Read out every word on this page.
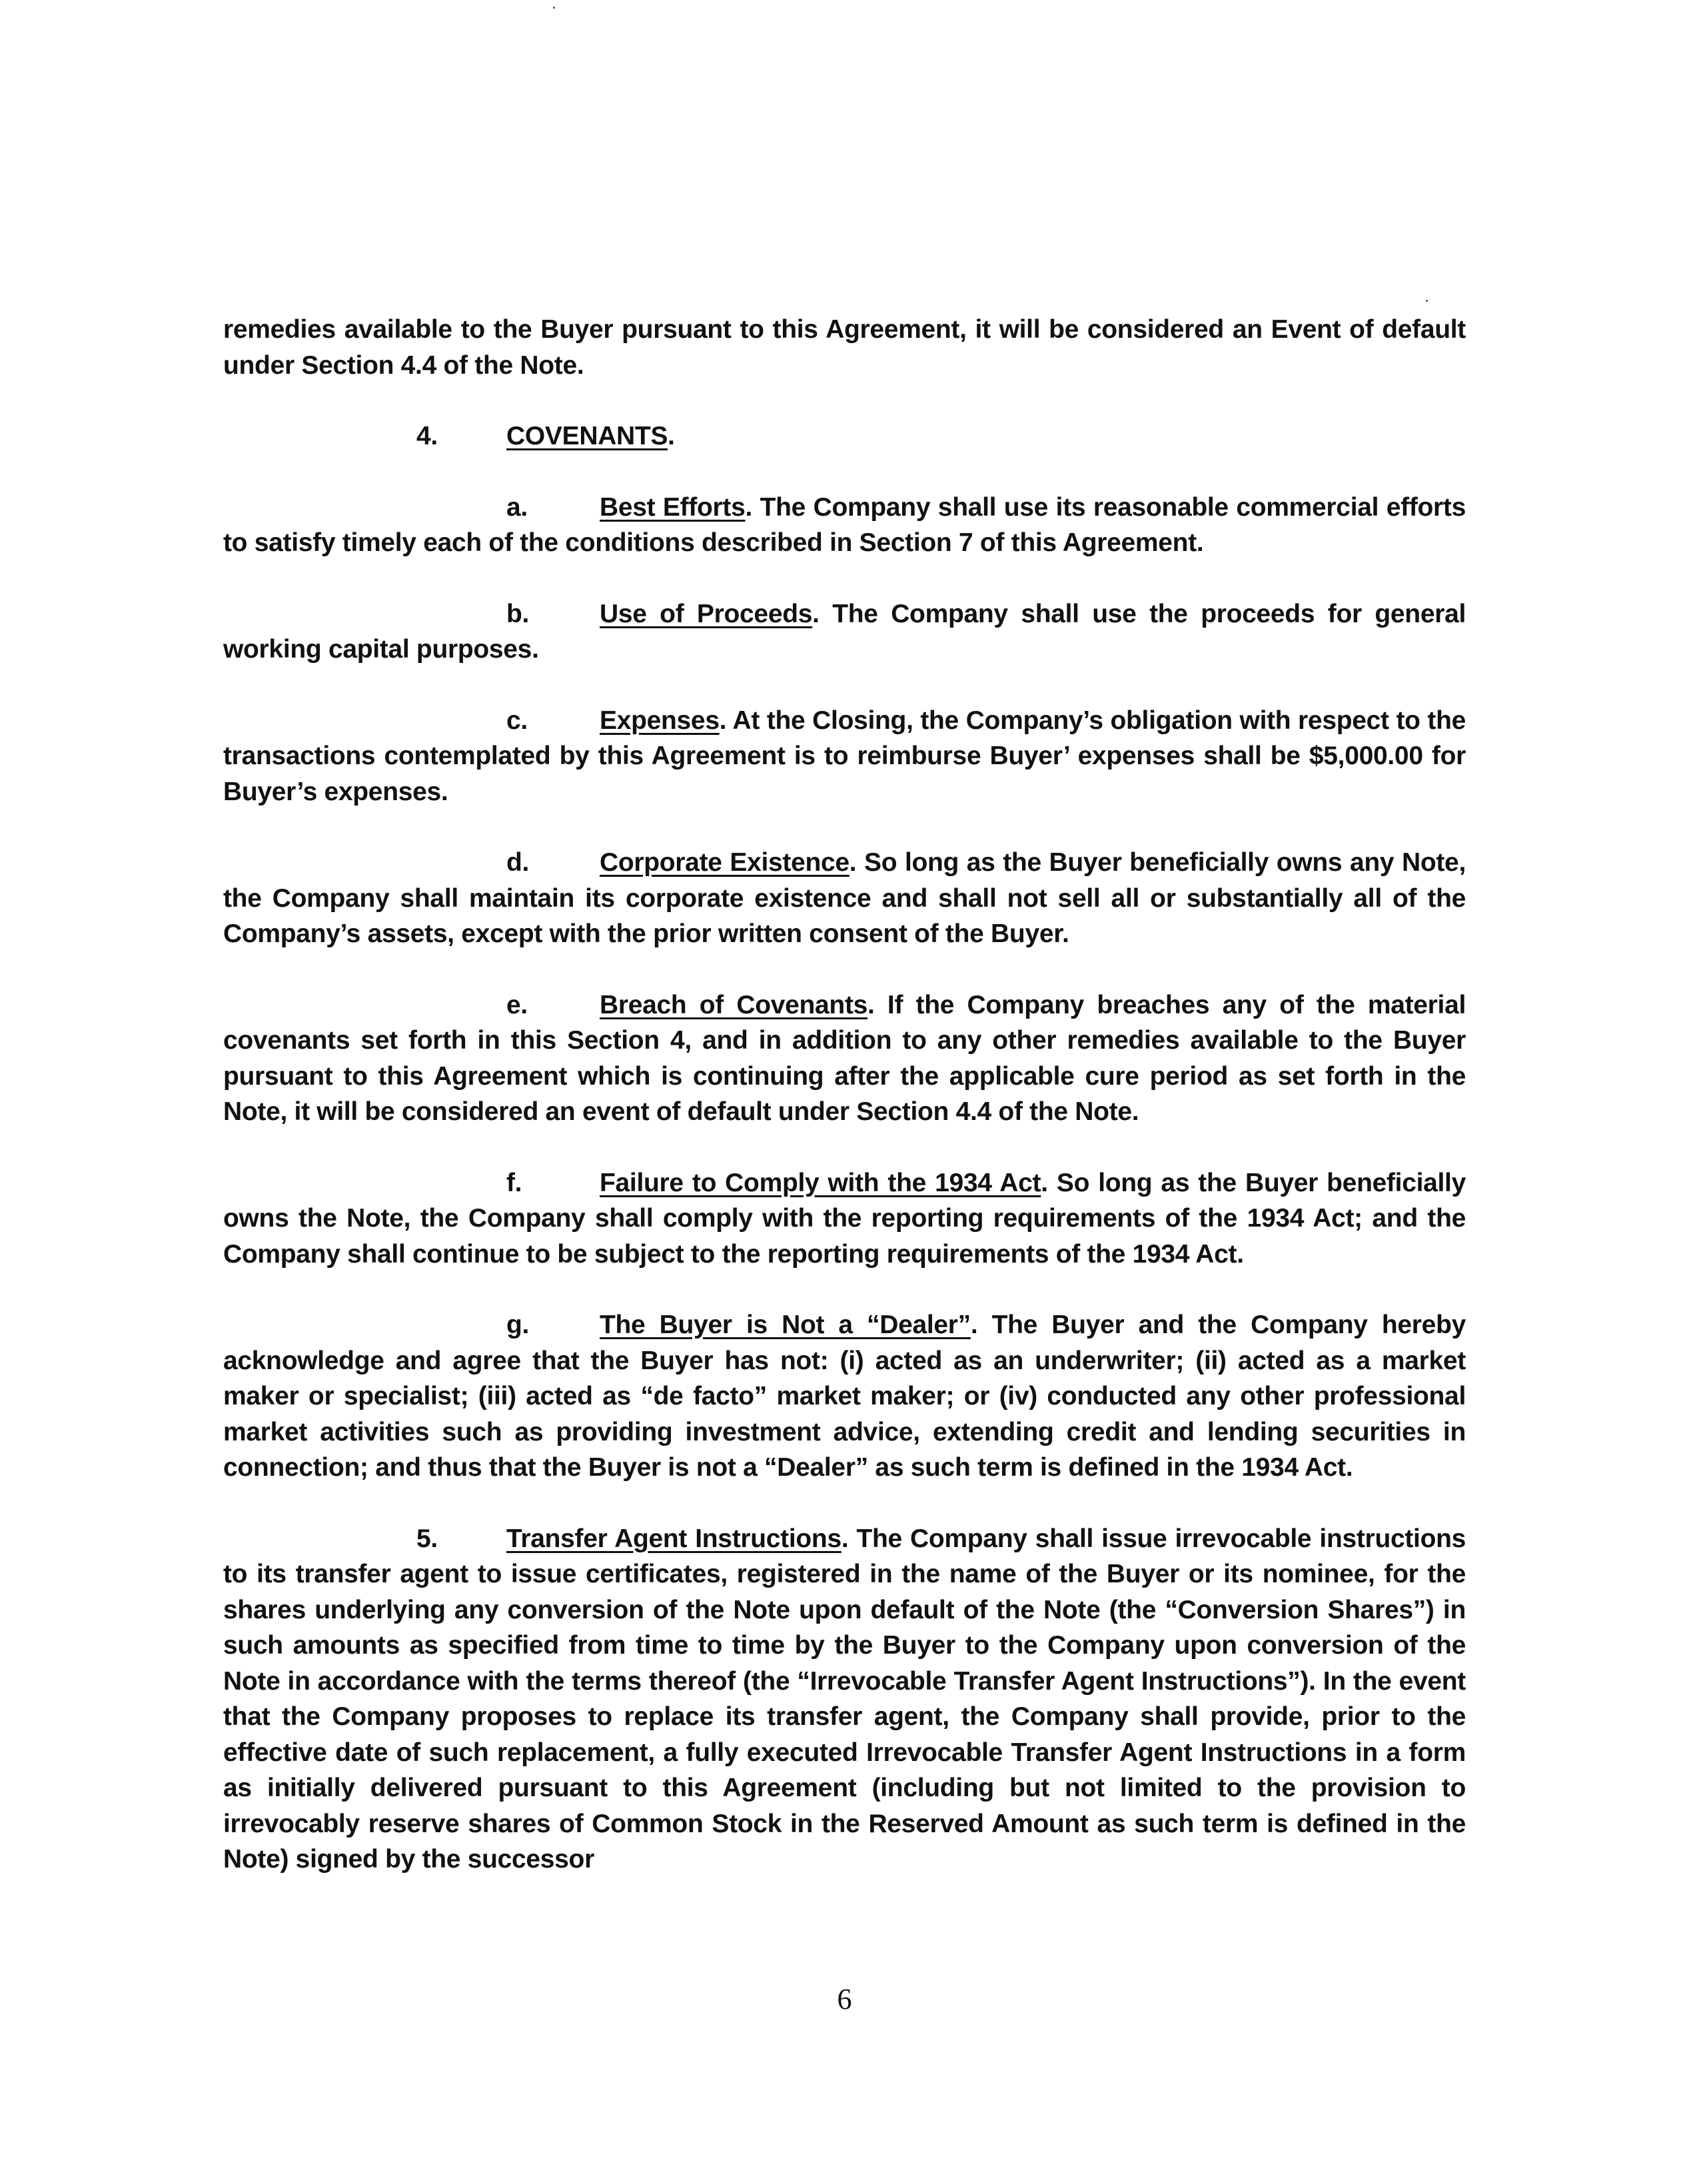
remedies available to the Buyer pursuant to this Agreement, it will be considered an Event of default under Section 4.4 of the Note.

4.	COVENANTS.

a.	Best Efforts. The Company shall use its reasonable commercial efforts to satisfy timely each of the conditions described in Section 7 of this Agreement.

b.	Use of Proceeds. The Company shall use the proceeds for general working capital purposes.

c.	Expenses. At the Closing, the Company’s obligation with respect to the transactions contemplated by this Agreement is to reimburse Buyer’ expenses shall be $5,000.00 for Buyer’s expenses.

d.	Corporate Existence. So long as the Buyer beneficially owns any Note, the Company shall maintain its corporate existence and shall not sell all or substantially all of the Company’s assets, except with the prior written consent of the Buyer.

e.	Breach of Covenants. If the Company breaches any of the material covenants set forth in this Section 4, and in addition to any other remedies available to the Buyer pursuant to this Agreement which is continuing after the applicable cure period as set forth in the Note, it will be considered an event of default under Section 4.4 of the Note.

f.	Failure to Comply with the 1934 Act. So long as the Buyer beneficially owns the Note, the Company shall comply with the reporting requirements of the 1934 Act; and the Company shall continue to be subject to the reporting requirements of the 1934 Act.

g.	The Buyer is Not a “Dealer”. The Buyer and the Company hereby acknowledge and agree that the Buyer has not: (i) acted as an underwriter; (ii) acted as a market maker or specialist; (iii) acted as “de facto” market maker; or (iv) conducted any other professional market activities such as providing investment advice, extending credit and lending securities in connection; and thus that the Buyer is not a “Dealer” as such term is defined in the 1934 Act.

5.	Transfer Agent Instructions. The Company shall issue irrevocable instructions to its transfer agent to issue certificates, registered in the name of the Buyer or its nominee, for the shares underlying any conversion of the Note upon default of the Note (the “Conversion Shares”) in such amounts as specified from time to time by the Buyer to the Company upon conversion of the Note in accordance with the terms thereof (the “Irrevocable Transfer Agent Instructions”). In the event that the Company proposes to replace its transfer agent, the Company shall provide, prior to the effective date of such replacement, a fully executed Irrevocable Transfer Agent Instructions in a form as initially delivered pursuant to this Agreement (including but not limited to the provision to irrevocably reserve shares of Common Stock in the Reserved Amount as such term is defined in the Note) signed by the successor

6
